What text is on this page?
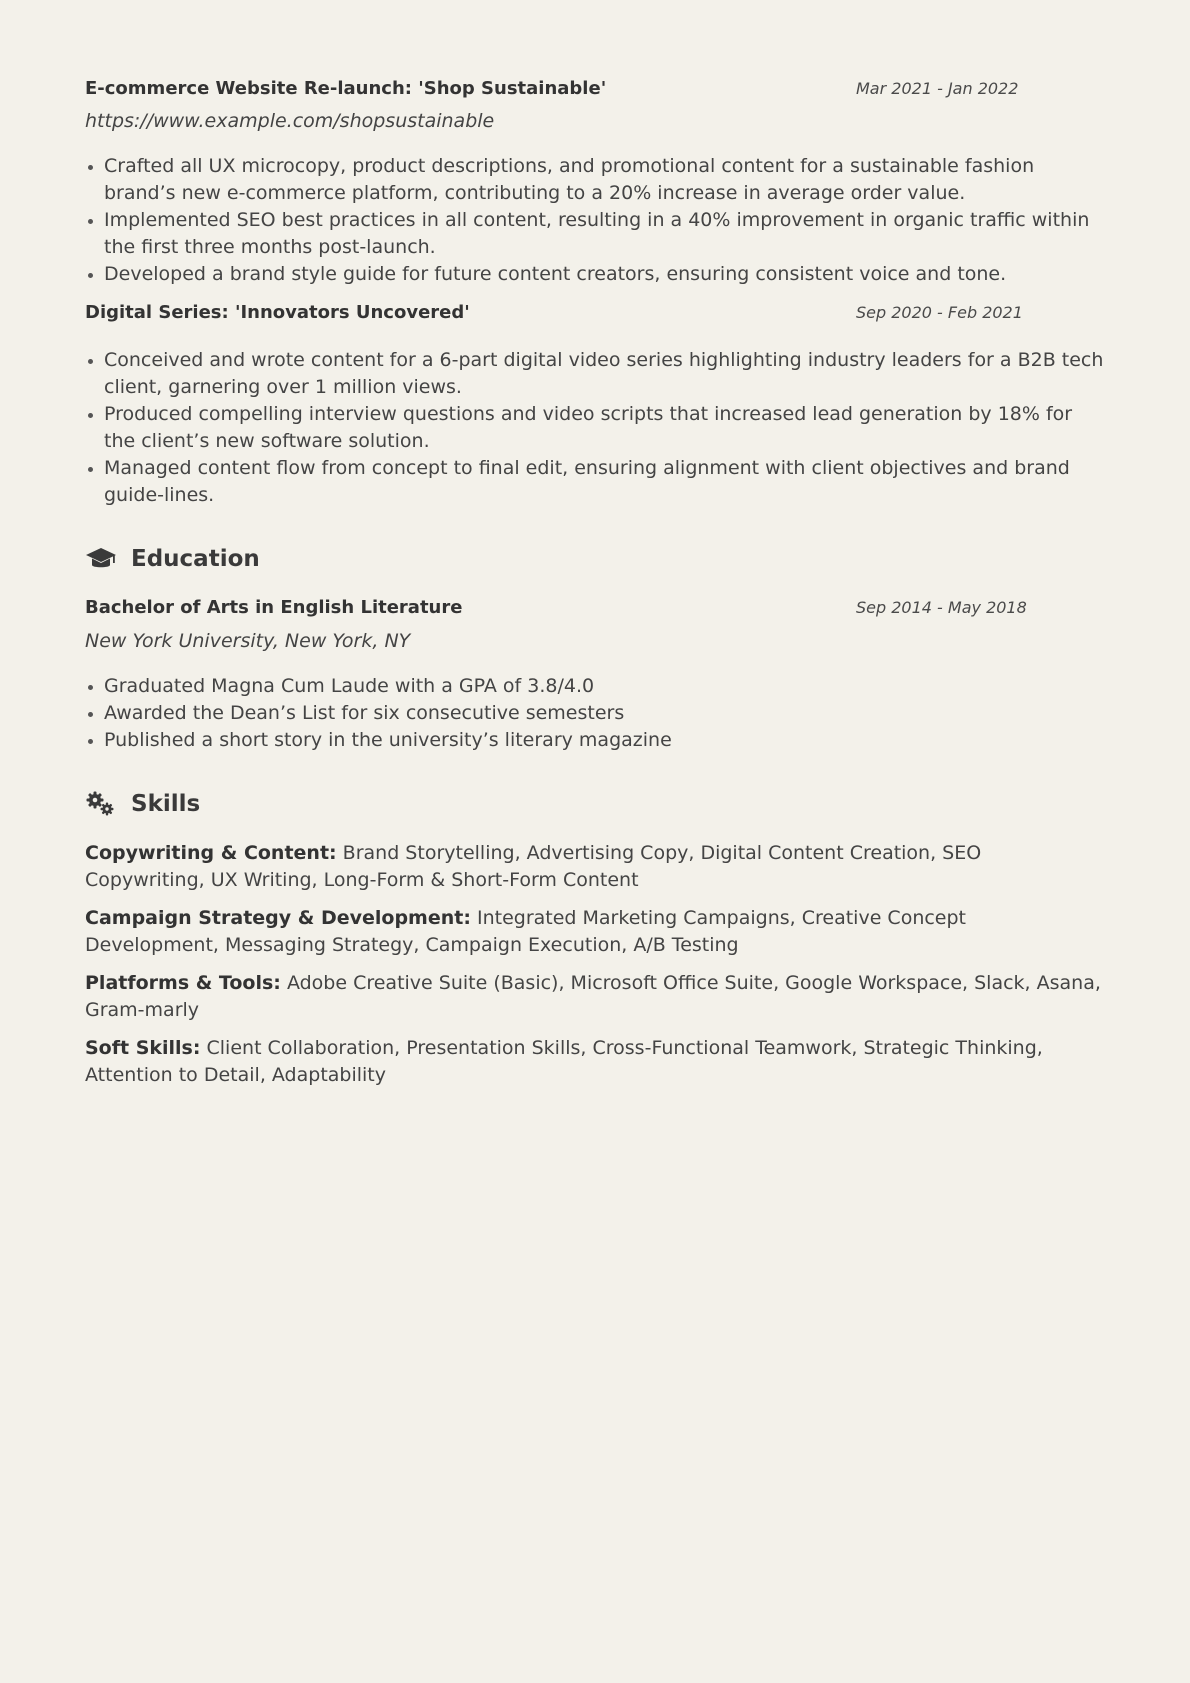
E-commerce Website Re-launch: 'Shop Sustainable'	Mar 2021 - Jan 2022
https://www.example.com/shopsustainable
Crafted all UX microcopy, product descriptions, and promotional content for a sustainable fashion brand’s new e-commerce platform, contributing to a 20% increase in average order value.
Implemented SEO best practices in all content, resulting in a 40% improvement in organic traffic within the first three months post-launch.
Developed a brand style guide for future content creators, ensuring consistent voice and tone.
Digital Series: 'Innovators Uncovered'	Sep 2020 - Feb 2021
Conceived and wrote content for a 6-part digital video series highlighting industry leaders for a B2B tech client, garnering over 1 million views.
Produced compelling interview questions and video scripts that increased lead generation by 18% for the client’s new software solution.
Managed content flow from concept to final edit, ensuring alignment with client objectives and brand guide-lines.
Education
Bachelor of Arts in English Literature	Sep 2014 - May 2018
New York University, New York, NY
Graduated Magna Cum Laude with a GPA of 3.8/4.0
Awarded the Dean’s List for six consecutive semesters
Published a short story in the university’s literary magazine
Skills
Copywriting & Content: Brand Storytelling, Advertising Copy, Digital Content Creation, SEO Copywriting, UX Writing, Long-Form & Short-Form Content
Campaign Strategy & Development: Integrated Marketing Campaigns, Creative Concept Development, Messaging Strategy, Campaign Execution, A/B Testing
Platforms & Tools: Adobe Creative Suite (Basic), Microsoft Office Suite, Google Workspace, Slack, Asana, Gram-marly
Soft Skills: Client Collaboration, Presentation Skills, Cross-Functional Teamwork, Strategic Thinking, Attention to Detail, Adaptability
